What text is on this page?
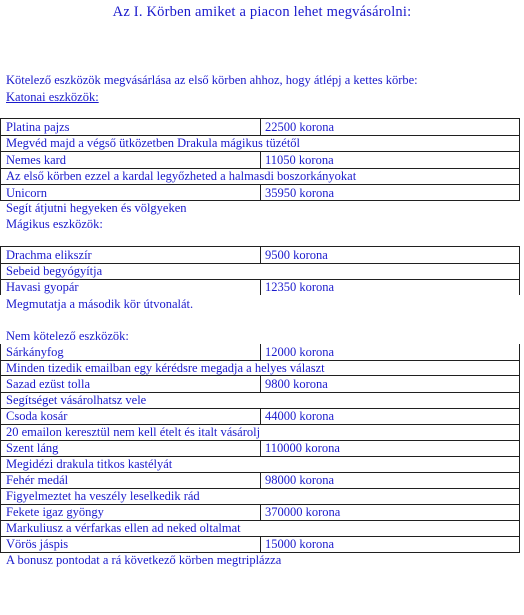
Az I. Körben amiket a piacon lehet megvásárolni:
Kötelező eszközök megvásárlása az első körben ahhoz, hogy átlépj a kettes körbe:
Katonai eszközök:
Platina pajzs	22500 korona
Megvéd majd a végső ütközetben Drakula mágikus tüzétől
Nemes kard	11050 korona
Az első körben ezzel a kardal legyőzheted a halmasdi boszorkányokat
Unicorn	35950 korona
Segít átjutni hegyeken és völgyeken
Mágikus eszközök:
Drachma elikszír	9500 korona
Sebeid begyógyítja
Havasi gyopár	12350 korona
Megmutatja a második kör útvonalát.
Nem kötelező eszközök:
Sárkányfog	12000 korona
Minden tizedik emailban egy kérédsre megadja a helyes választ
Sazad ezüst tolla	9800 korona
Segítséget vásárolhatsz vele
Csoda kosár	44000 korona
20 emailon keresztül nem kell ételt és italt vásárolj
Szent láng	110000 korona
Megidézi drakula titkos kastélyát
Fehér medál	98000 korona
Figyelmeztet ha veszély leselkedik rád
Fekete igaz gyöngy	370000 korona
Markuliusz a vérfarkas ellen ad neked oltalmat
Vörös jáspis	15000 korona
A bonusz pontodat a rá következő körben megtriplázza
